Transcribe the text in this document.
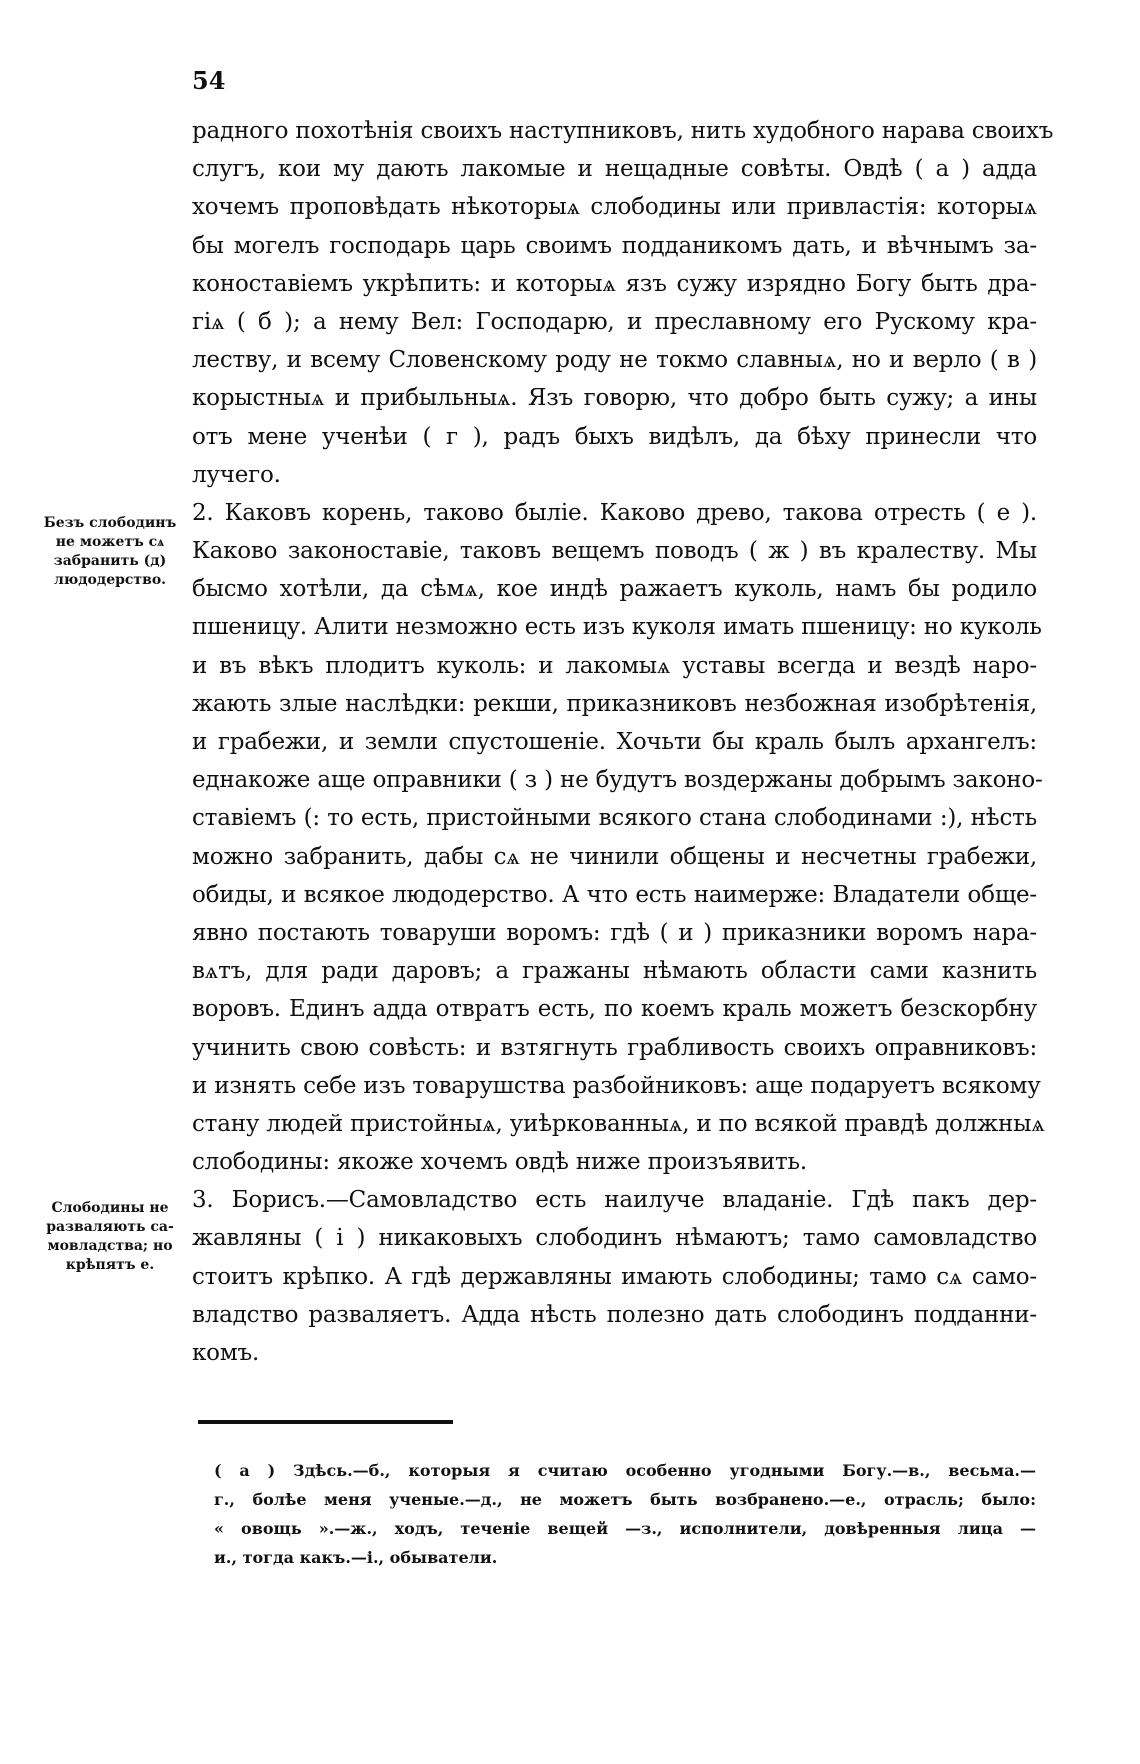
54
радного похотѣнія своихъ наступниковъ, нить худобного нарава своихъ
слугъ, кои му дають лакомые и нещадные совѣты. Овдѣ ( а ) адда
хочемъ проповѣдать нѣкоторыѧ слободины или привластія: которыѧ
бы могелъ господарь царь своимъ подданикомъ дать, и вѣчнымъ за-
коноставіемъ укрѣпить: и которыѧ язъ сужу изрядно Богу быть дра-
гіѧ ( б ); а нему Вел: Господарю, и преславному его Рускому кра-
леству, и всему Словенскому роду не токмо славныѧ, но и верло ( в )
корыстныѧ и прибыльныѧ. Язъ говорю, что добро быть сужу; а ины
отъ мене ученѣи ( г ), радъ быхъ видѣлъ, да бѣху принесли что
лучего.
2. Каковъ корень, таково быліе. Каково древо, такова отресть ( е ).
Каково законоставіе, таковъ вещемъ поводъ ( ж ) въ кралеству. Мы
бысмо хотѣли, да сѣмѧ, кое индѣ ражаетъ куколь, намъ бы родило
пшеницу. Алити незможно есть изъ куколя имать пшеницу: но куколь
и въ вѣкъ плодитъ куколь: и лакомыѧ уставы всегда и вездѣ наро-
жають злые наслѣдки: рекши, приказниковъ незбожная изобрѣтенія,
и грабежи, и земли спустошеніе. Хочьти бы краль былъ архангелъ:
еднакоже аще оправники ( з ) не будутъ воздержаны добрымъ законо-
ставіемъ (: то есть, пристойными всякого стана слободинами :), нѣсть
можно забранить, дабы сѧ не чинили общены и несчетны грабежи,
обиды, и всякое людодерство. А что есть наимерже: Владатели обще-
явно постають товаруши воромъ: гдѣ ( и ) приказники воромъ нара-
вѧтъ, для ради даровъ; а гражаны нѣмають области сами казнить
воровъ. Единъ адда отвратъ есть, по коемъ краль можетъ безскорбну
учинить свою совѣсть: и взтягнуть грабливость своихъ оправниковъ:
и изнять себе изъ товарушства разбойниковъ: аще подаруетъ всякому
стану людей пристойныѧ, уиѣркованныѧ, и по всякой правдѣ должныѧ
слободины: якоже хочемъ овдѣ ниже произъявить.
3. Борисъ.—Самовладство есть наилуче владаніе. Гдѣ пакъ дер-
жавляны ( і ) никаковыхъ слободинъ нѣмаютъ; тамо самовладство
стоитъ крѣпко. А гдѣ державляны имають слободины; тамо сѧ само-
владство разваляетъ. Адда нѣсть полезно дать слободинъ подданни-
комъ.
Безъ слободинъ
не можетъ сѧ
забранить (д)
людодерство.
Слободины не
разваляють са-
мовладства; но
крѣпятъ е.
( а ) Здѣсь.—б., которыя я считаю особенно угодными Богу.—в., весьма.—
г., болѣе меня ученые.—д., не можетъ быть возбранено.—е., отрасль; было:
« овощь ».—ж., ходъ, теченіе вещей —з., исполнители, довѣренныя лица —
и., тогда какъ.—і., обыватели.
